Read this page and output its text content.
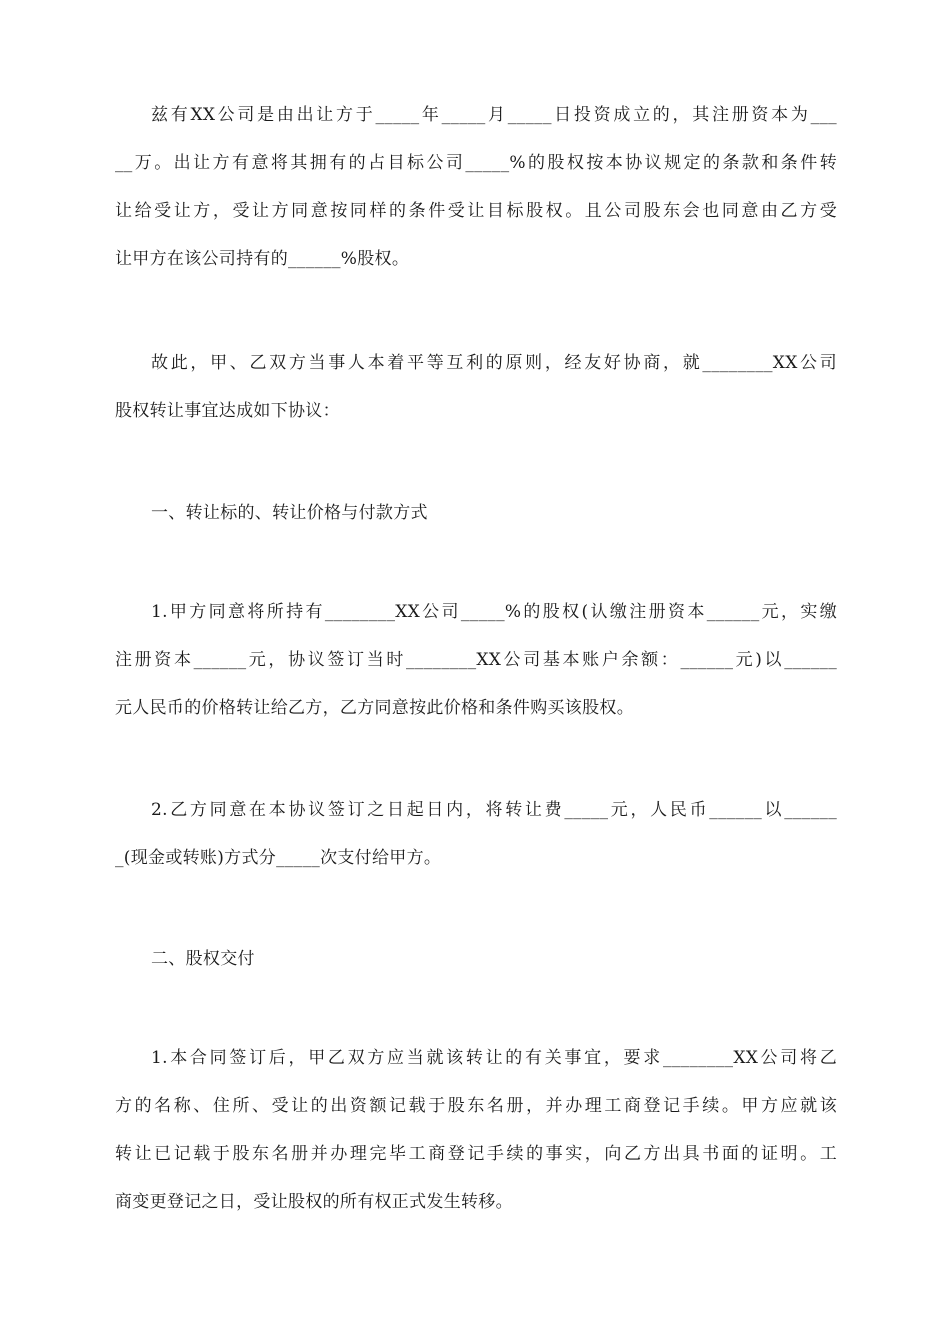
兹有XX公司是由出让方于_____年_____月_____日投资成立的，其注册资本为___
__万。出让方有意将其拥有的占目标公司_____%的股权按本协议规定的条款和条件转
让给受让方，受让方同意按同样的条件受让目标股权。且公司股东会也同意由乙方受
让甲方在该公司持有的______%股权。
故此，甲、乙双方当事人本着平等互利的原则，经友好协商，就________XX公司
股权转让事宜达成如下协议：
一、转让标的、转让价格与付款方式
1.甲方同意将所持有________XX公司_____%的股权(认缴注册资本______元，实缴
注册资本______元，协议签订当时________XX公司基本账户余额：______元)以______
元人民币的价格转让给乙方，乙方同意按此价格和条件购买该股权。
2.乙方同意在本协议签订之日起日内，将转让费_____元，人民币______以______
_(现金或转账)方式分_____次支付给甲方。
二、股权交付
1.本合同签订后，甲乙双方应当就该转让的有关事宜，要求________XX公司将乙
方的名称、住所、受让的出资额记载于股东名册，并办理工商登记手续。甲方应就该
转让已记载于股东名册并办理完毕工商登记手续的事实，向乙方出具书面的证明。工
商变更登记之日，受让股权的所有权正式发生转移。
